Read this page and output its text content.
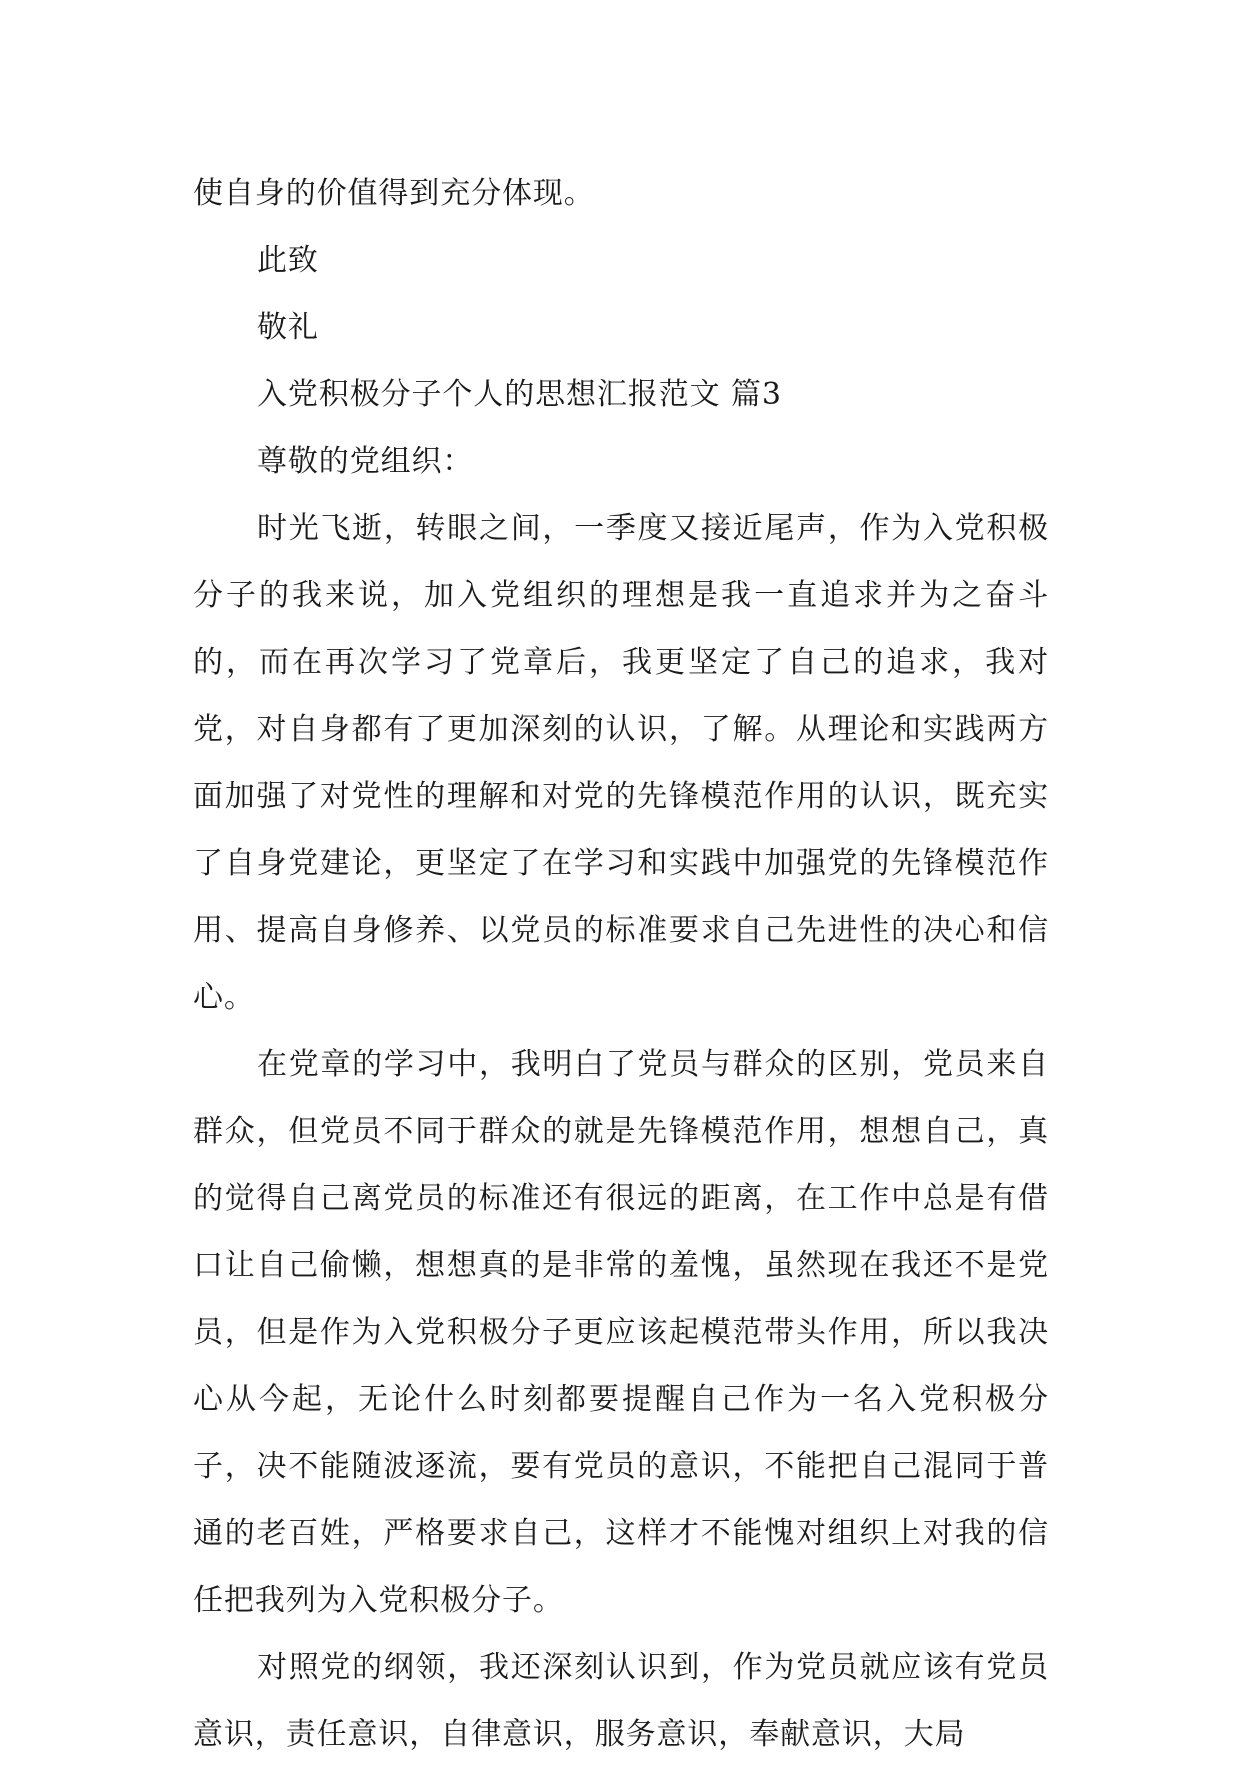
使自身的价值得到充分体现。

此致

敬礼

入党积极分子个人的思想汇报范文 篇3

尊敬的党组织：

时光飞逝，转眼之间，一季度又接近尾声，作为入党积极分子的我来说，加入党组织的理想是我一直追求并为之奋斗的，而在再次学习了党章后，我更坚定了自己的追求，我对党，对自身都有了更加深刻的认识，了解。从理论和实践两方面加强了对党性的理解和对党的先锋模范作用的认识，既充实了自身党建论，更坚定了在学习和实践中加强党的先锋模范作用、提高自身修养、以党员的标准要求自己先进性的决心和信心。

在党章的学习中，我明白了党员与群众的区别，党员来自群众，但党员不同于群众的就是先锋模范作用，想想自己，真的觉得自己离党员的标准还有很远的距离，在工作中总是有借口让自己偷懒，想想真的是非常的羞愧，虽然现在我还不是党员，但是作为入党积极分子更应该起模范带头作用，所以我决心从今起，无论什么时刻都要提醒自己作为一名入党积极分子，决不能随波逐流，要有党员的意识，不能把自己混同于普通的老百姓，严格要求自己，这样才不能愧对组织上对我的信任把我列为入党积极分子。

对照党的纲领，我还深刻认识到，作为党员就应该有党员意识，责任意识，自律意识，服务意识，奉献意识，大局
